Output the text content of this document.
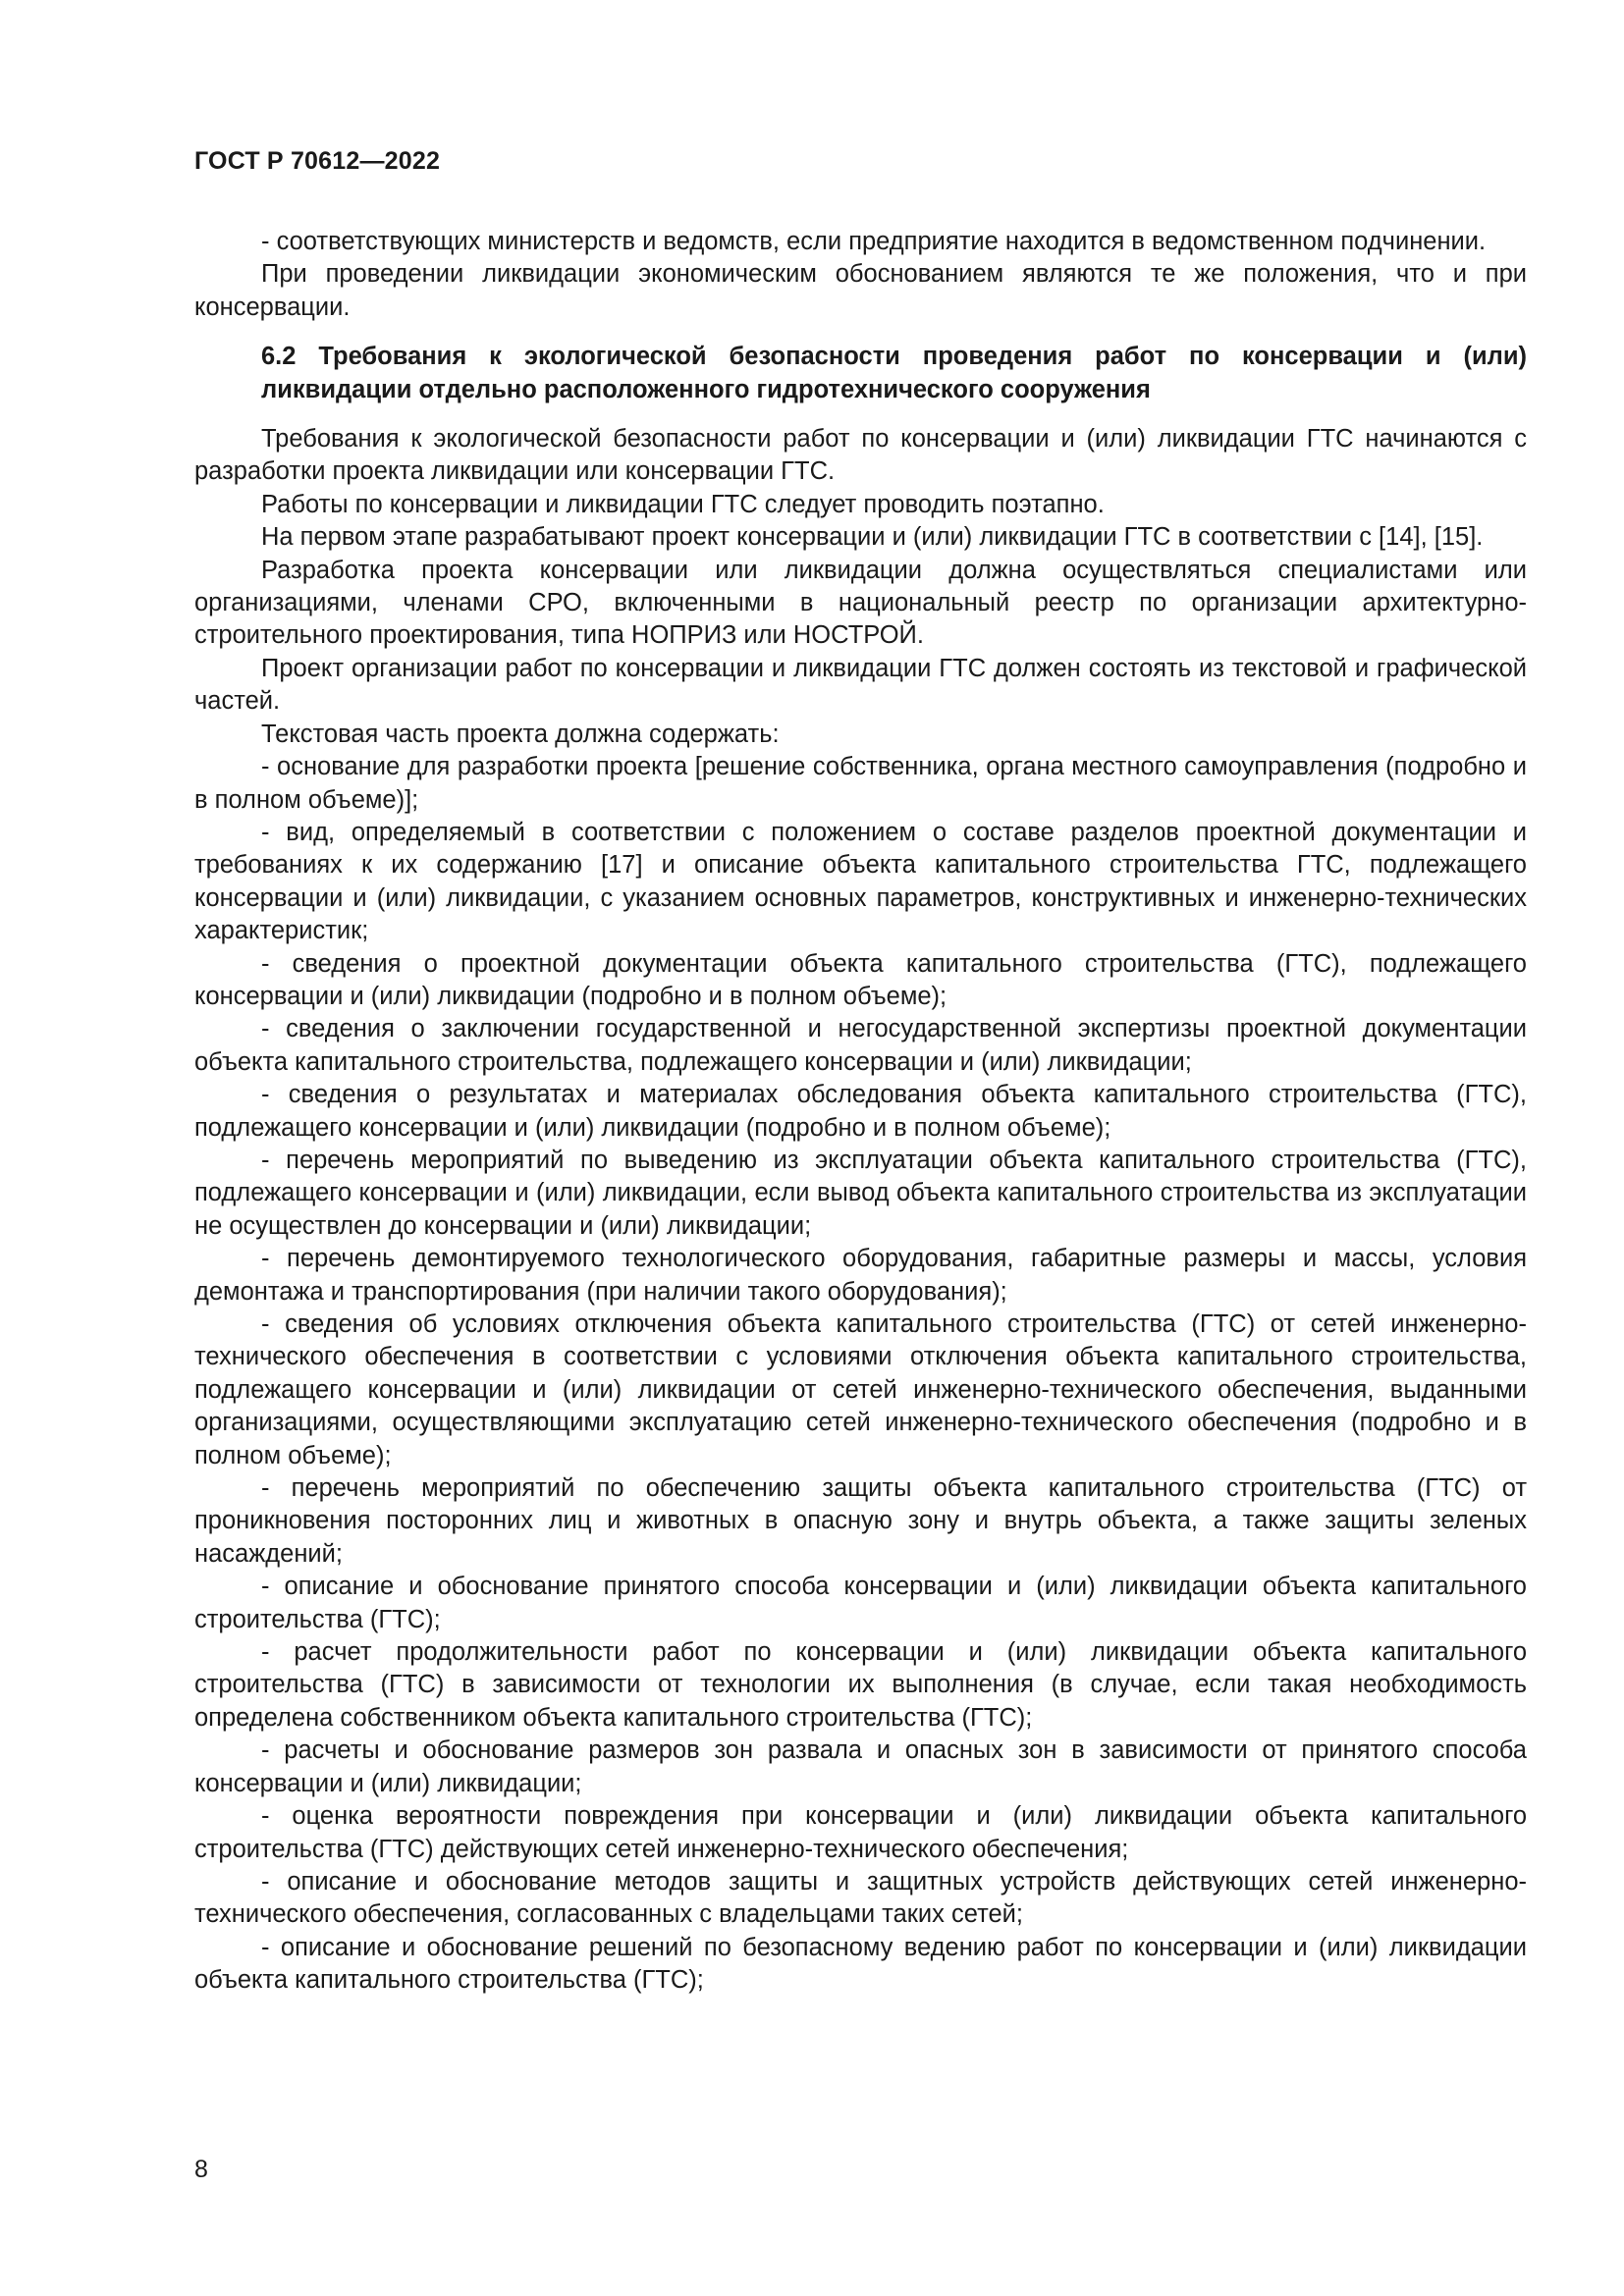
ГОСТ Р 70612—2022

- соответствующих министерств и ведомств, если предприятие находится в ведомственном подчинении.

При проведении ликвидации экономическим обоснованием являются те же положения, что и при консервации.

6.2 Требования к экологической безопасности проведения работ по консервации и (или) ликвидации отдельно расположенного гидротехнического сооружения

Требования к экологической безопасности работ по консервации и (или) ликвидации ГТС начинаются с разработки проекта ликвидации или консервации ГТС.

Работы по консервации и ликвидации ГТС следует проводить поэтапно.

На первом этапе разрабатывают проект консервации и (или) ликвидации ГТС в соответствии с [14], [15].

Разработка проекта консервации или ликвидации должна осуществляться специалистами или организациями, членами СРО, включенными в национальный реестр по организации архитектурно-строительного проектирования, типа НОПРИЗ или НОСТРОЙ.

Проект организации работ по консервации и ликвидации ГТС должен состоять из текстовой и графической частей.

Текстовая часть проекта должна содержать:

- основание для разработки проекта [решение собственника, органа местного самоуправления (подробно и в полном объеме)];

- вид, определяемый в соответствии с положением о составе разделов проектной документации и требованиях к их содержанию [17] и описание объекта капитального строительства ГТС, подлежащего консервации и (или) ликвидации, с указанием основных параметров, конструктивных и инженерно-технических характеристик;

- сведения о проектной документации объекта капитального строительства (ГТС), подлежащего консервации и (или) ликвидации (подробно и в полном объеме);

- сведения о заключении государственной и негосударственной экспертизы проектной документации объекта капитального строительства, подлежащего консервации и (или) ликвидации;

- сведения о результатах и материалах обследования объекта капитального строительства (ГТС), подлежащего консервации и (или) ликвидации (подробно и в полном объеме);

- перечень мероприятий по выведению из эксплуатации объекта капитального строительства (ГТС), подлежащего консервации и (или) ликвидации, если вывод объекта капитального строительства из эксплуатации не осуществлен до консервации и (или) ликвидации;

- перечень демонтируемого технологического оборудования, габаритные размеры и массы, условия демонтажа и транспортирования (при наличии такого оборудования);

- сведения об условиях отключения объекта капитального строительства (ГТС) от сетей инженерно-технического обеспечения в соответствии с условиями отключения объекта капитального строительства, подлежащего консервации и (или) ликвидации от сетей инженерно-технического обеспечения, выданными организациями, осуществляющими эксплуатацию сетей инженерно-технического обеспечения (подробно и в полном объеме);

- перечень мероприятий по обеспечению защиты объекта капитального строительства (ГТС) от проникновения посторонних лиц и животных в опасную зону и внутрь объекта, а также защиты зеленых насаждений;

- описание и обоснование принятого способа консервации и (или) ликвидации объекта капитального строительства (ГТС);

- расчет продолжительности работ по консервации и (или) ликвидации объекта капитального строительства (ГТС) в зависимости от технологии их выполнения (в случае, если такая необходимость определена собственником объекта капитального строительства (ГТС);

- расчеты и обоснование размеров зон развала и опасных зон в зависимости от принятого способа консервации и (или) ликвидации;

- оценка вероятности повреждения при консервации и (или) ликвидации объекта капитального строительства (ГТС) действующих сетей инженерно-технического обеспечения;

- описание и обоснование методов защиты и защитных устройств действующих сетей инженерно-технического обеспечения, согласованных с владельцами таких сетей;

- описание и обоснование решений по безопасному ведению работ по консервации и (или) ликвидации объекта капитального строительства (ГТС);

8
